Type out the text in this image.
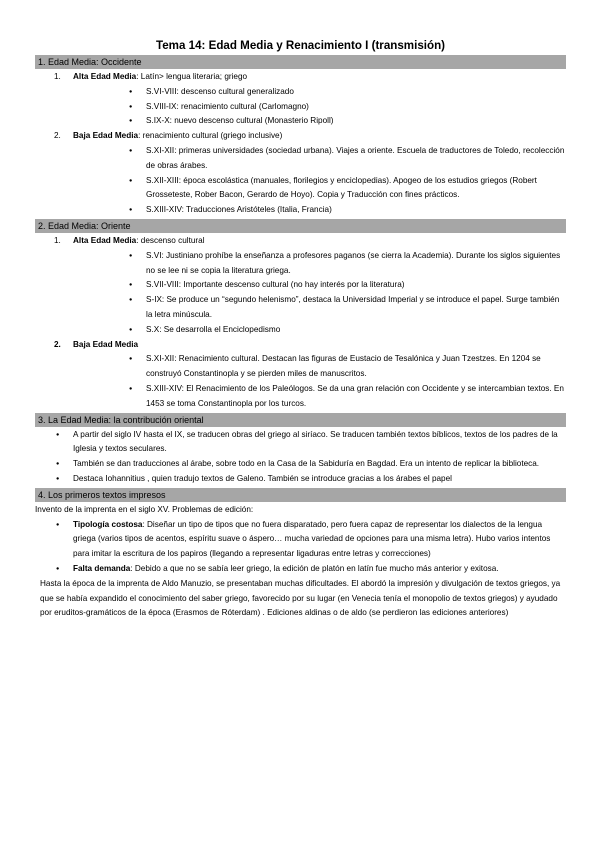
Tema 14: Edad Media y Renacimiento I (transmisión)
1. Edad Media: Occidente
1. Alta Edad Media: Latín> lengua literaria; griego
● S.VI-VIII: descenso cultural generalizado
● S.VIII-IX: renacimiento cultural (Carlomagno)
● S.IX-X: nuevo descenso cultural (Monasterio Ripoll)
2. Baja Edad Media: renacimiento cultural (griego inclusive)
● S.XI-XII: primeras universidades (sociedad urbana). Viajes a oriente. Escuela de traductores de Toledo, recolección de obras árabes.
● S.XII-XIII: época escolástica (manuales, florilegios y enciclopedias). Apogeo de los estudios griegos (Robert Grosseteste, Rober Bacon, Gerardo de Hoyo). Copia y Traducción con fines prácticos.
● S.XIII-XIV: Traducciones Aristóteles (Italia, Francia)
2. Edad Media: Oriente
1. Alta Edad Media: descenso cultural
● S.VI: Justiniano prohíbe la enseñanza a profesores paganos (se cierra la Academia). Durante los siglos siguientes no se lee ni se copia la literatura griega.
● S.VII-VIII: Importante descenso cultural (no hay interés por la literatura)
● S-IX: Se produce un “segundo helenismo”, destaca la Universidad Imperial y se introduce el papel. Surge también la letra minúscula.
● S.X: Se desarrolla el Enciclopedismo
2. Baja Edad Media
● S.XI-XII: Renacimiento cultural. Destacan las figuras de Eustacio de Tesalónica y Juan Tzestzes. En 1204 se construyó Constantinopla y se pierden miles de manuscritos.
● S.XIII-XIV: El Renacimiento de los Paleólogos. Se da una gran relación con Occidente y se intercambian textos. En 1453 se toma Constantinopla por los turcos.
3. La Edad Media: la contribución oriental
● A partir del siglo IV hasta el IX, se traducen obras del griego al siríaco. Se traducen también textos bíblicos, textos de los padres de la Iglesia y textos seculares.
● También se dan traducciones al árabe, sobre todo en la Casa de la Sabiduría en Bagdad. Era un intento de replicar la biblioteca.
● Destaca Iohannitius , quien tradujo textos de Galeno. También se introduce gracias a los árabes el papel
4. Los primeros textos impresos
Invento de la imprenta en el siglo XV. Problemas de edición:
● Tipología costosa: Diseñar un tipo de tipos que no fuera disparatado, pero fuera capaz de representar los dialectos de la lengua griega (varios tipos de acentos, espíritu suave o áspero… mucha variedad de opciones para una misma letra). Hubo varios intentos para imitar la escritura de los papiros (llegando a representar ligaduras entre letras y correcciones)
● Falta demanda: Debido a que no se sabía leer griego, la edición de platón en latín fue mucho más anterior y exitosa.
Hasta la época de la imprenta de Aldo Manuzio, se presentaban muchas dificultades. El abordó la impresión y divulgación de textos griegos, ya que se había expandido el conocimiento del saber griego, favorecido por su lugar (en Venecia tenía el monopolio de textos griegos) y ayudado por eruditos-gramáticos de la época (Erasmos de Róterdam) . Ediciones aldinas o de aldo (se perdieron las ediciones anteriores)
